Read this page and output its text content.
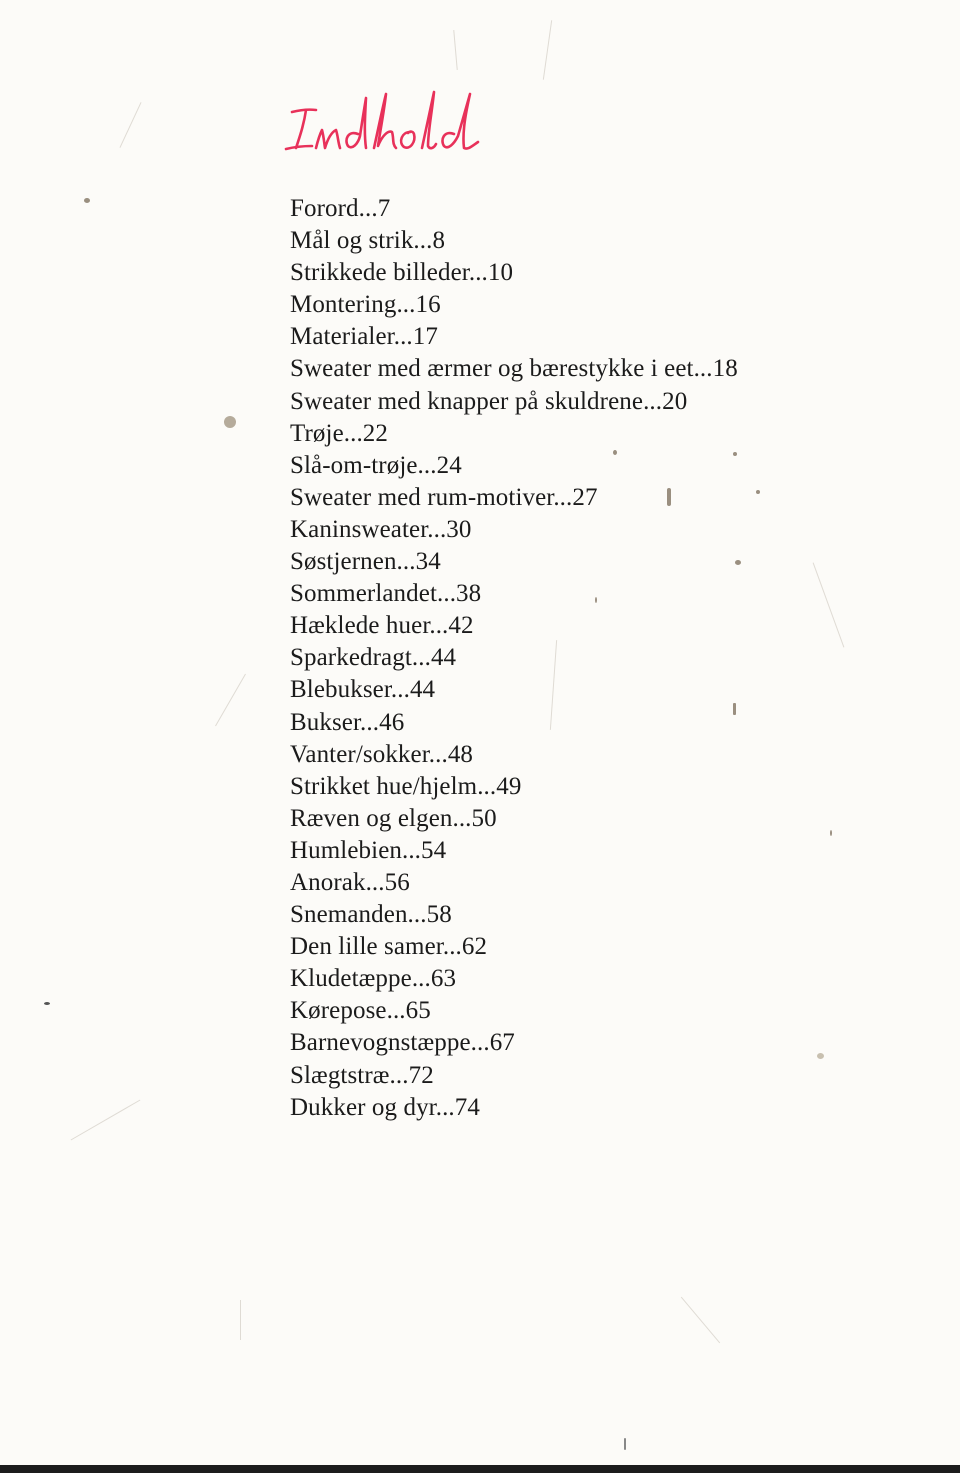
Forord...7
Mål og strik...8
Strikkede billeder...10
Montering...16
Materialer...17
Sweater med ærmer og bærestykke i eet...18
Sweater med knapper på skuldrene...20
Trøje...22
Slå-om-trøje...24
Sweater med rum-motiver...27
Kaninsweater...30
Søstjernen...34
Sommerlandet...38
Hæklede huer...42
Sparkedragt...44
Blebukser...44
Bukser...46
Vanter/sokker...48
Strikket hue/hjelm...49
Ræven og elgen...50
Humlebien...54
Anorak...56
Snemanden...58
Den lille samer...62
Kludetæppe...63
Kørepose...65
Barnevognstæppe...67
Slægtstræ...72
Dukker og dyr...74
